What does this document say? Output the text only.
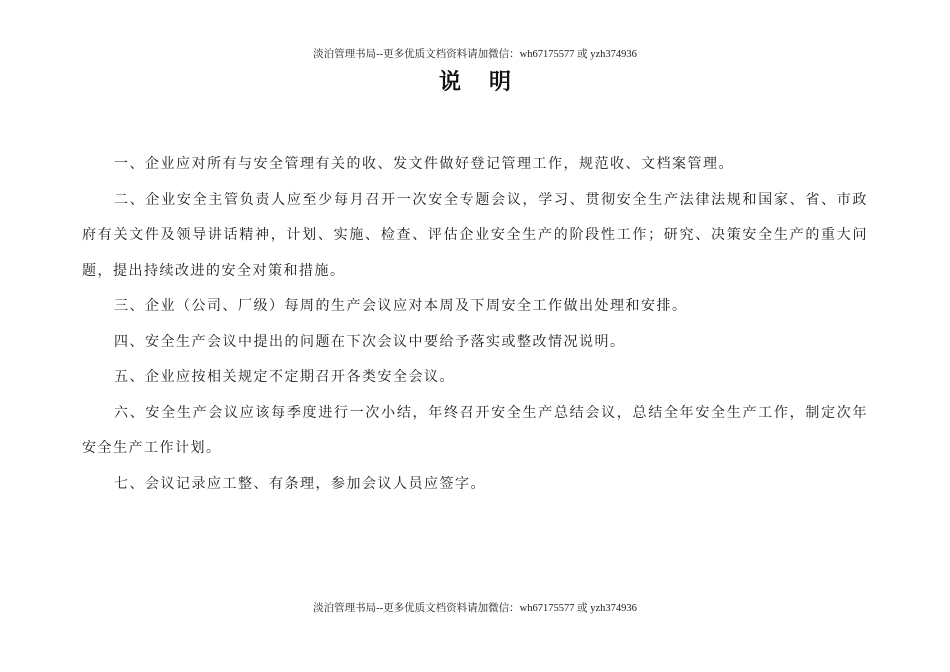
淡泊管理书局--更多优质文档资料请加微信：wh67175577 或 yzh374936
说明

一、企业应对所有与安全管理有关的收、发文件做好登记管理工作，规范收、文档案管理。

二、企业安全主管负责人应至少每月召开一次安全专题会议，学习、贯彻安全生产法律法规和国家、省、市政府有关文件及领导讲话精神，计划、实施、检查、评估企业安全生产的阶段性工作；研究、决策安全生产的重大问题，提出持续改进的安全对策和措施。

三、企业（公司、厂级）每周的生产会议应对本周及下周安全工作做出处理和安排。

四、安全生产会议中提出的问题在下次会议中要给予落实或整改情况说明。

五、企业应按相关规定不定期召开各类安全会议。

六、安全生产会议应该每季度进行一次小结，年终召开安全生产总结会议，总结全年安全生产工作，制定次年安全生产工作计划。

七、会议记录应工整、有条理，参加会议人员应签字。

淡泊管理书局--更多优质文档资料请加微信：wh67175577 或 yzh374936
